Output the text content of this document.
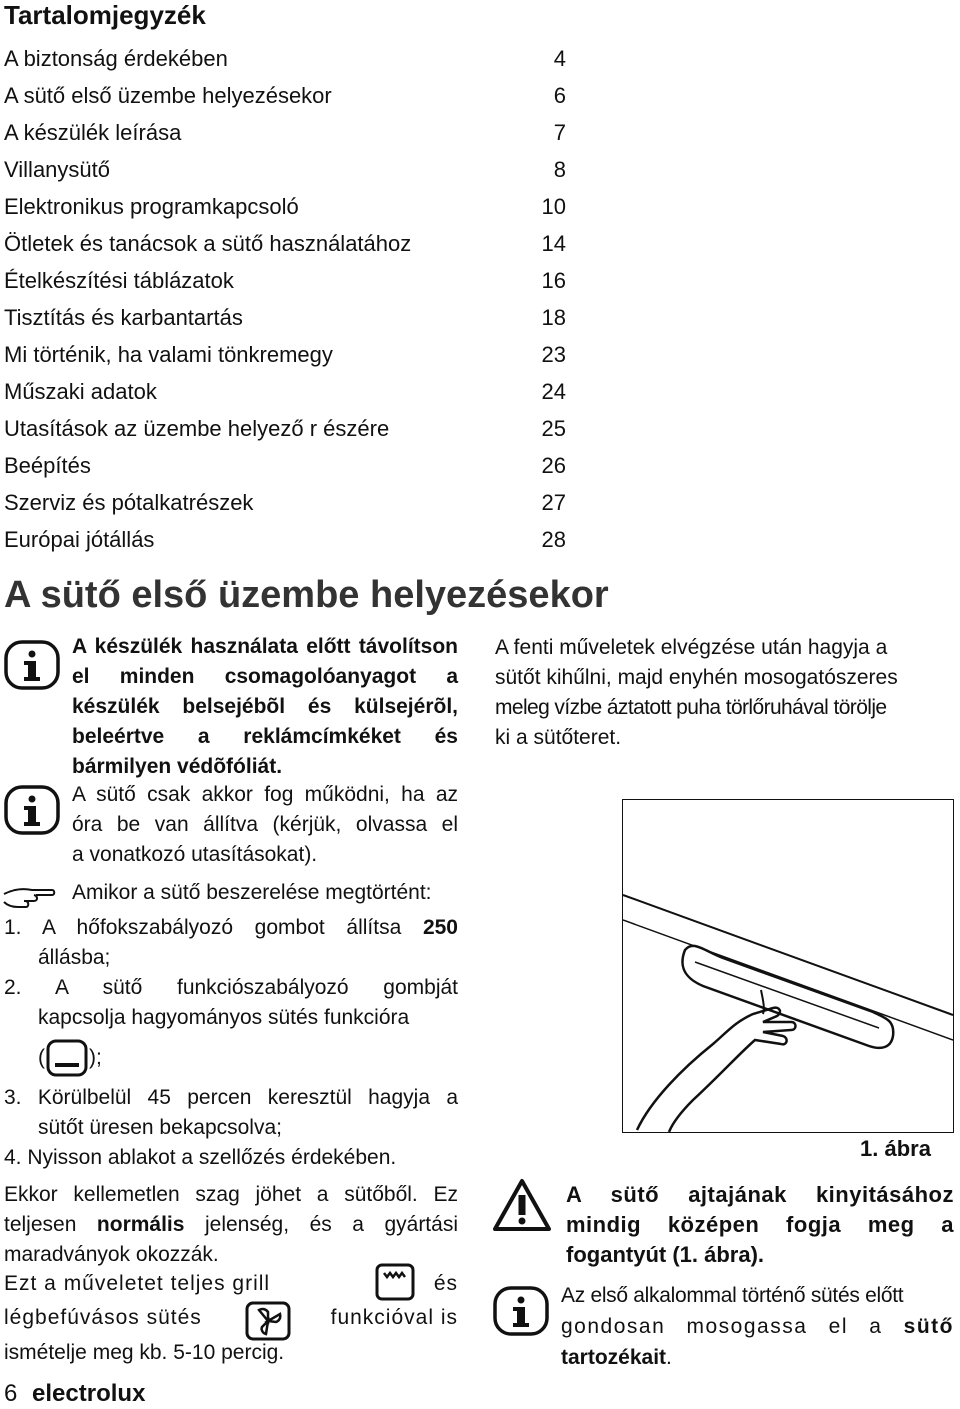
Tartalomjegyzék
A biztonság érdekében	4
A sütő első üzembe helyezésekor	6
A készülék leírása	7
Villanysütő	8
Elektronikus programkapcsoló	10
Ötletek és tanácsok a sütő használatához	14
Ételkészítési táblázatok	16
Tisztítás és karbantartás	18
Mi történik, ha valami tönkremegy	23
Műszaki adatok	24
Utasítások az üzembe helyező r észére	25
Beépítés	26
Szerviz és pótalkatrészek	27
Európai jótállás	28
A sütő első üzembe helyezésekor
A készülék használata előtt távolítson
el minden csomagolóanyagot a
készülék belsejébõl és külsejérõl,
beleértve a reklámcímkéket és
bármilyen védõfóliát.
A sütő csak akkor fog működni, ha az
óra be van állítva (kérjük, olvassa el
a vonatkozó utasításokat).
Amikor a sütő beszerelése megtörtént:
1. A hőfokszabályozó gombot állítsa 250
állásba;
2. A sütő funkciószabályozó gombját
kapcsolja hagyományos sütés funkcióra
( );
3. Körülbelül 45 percen keresztül hagyja a
sütőt üresen bekapcsolva;
4. Nyisson ablakot a szellőzés érdekében.
Ekkor kellemetlen szag jöhet a sütőből. Ez
teljesen normális jelenség, és a gyártási
maradványok okozzák.
Ezt a műveletet teljes grill	és
légbefúvásos sütés	funkcióval is
ismételje meg kb. 5-10 percig.
A fenti műveletek elvégzése után hagyja a
sütőt kihűlni, majd enyhén mosogatószeres
meleg vízbe áztatott puha törlőruhával törölje
ki a sütőteret.
1. ábra
A sütő ajtajának kinyitásához
mindig középen fogja meg a
fogantyút (1. ábra).
Az első alkalommal történő sütés előtt
gondosan mosogassa el a sütő
tartozékait.
6 electrolux
